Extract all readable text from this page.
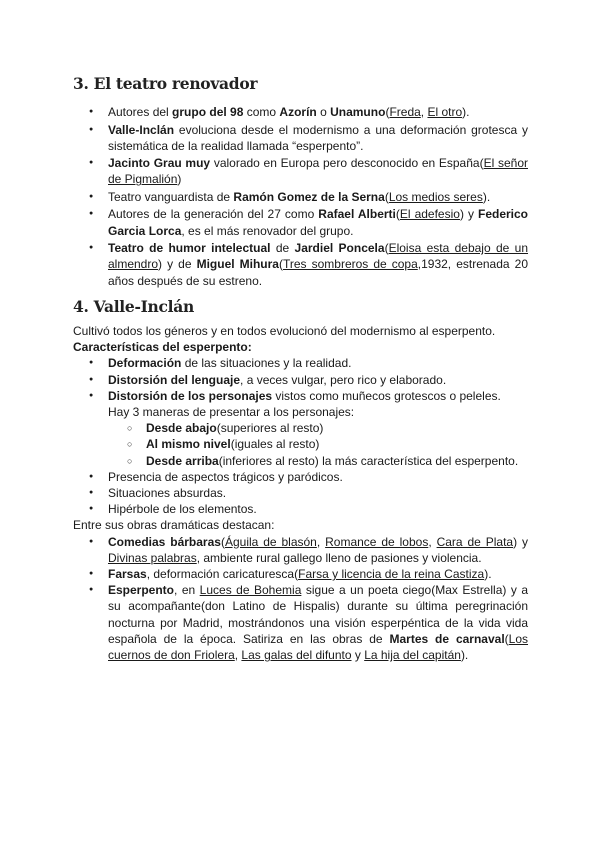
3. El teatro renovador
● Autores del grupo del 98 como Azorín o Unamuno(Freda, El otro).
● Valle-Inclán evoluciona desde el modernismo a una deformación grotesca y sistemática de la realidad llamada “esperpento”.
● Jacinto Grau muy valorado en Europa pero desconocido en España(El señor de Pigmalión)
● Teatro vanguardista de Ramón Gomez de la Serna(Los medios seres).
● Autores de la generación del 27 como Rafael Alberti(El adefesio) y Federico Garcia Lorca, es el más renovador del grupo.
● Teatro de humor intelectual de Jardiel Poncela(Eloisa esta debajo de un almendro) y de Miguel Mihura(Tres sombreros de copa,1932, estrenada 20 años después de su estreno.
4. Valle-Inclán

Cultivó todos los géneros y en todos evolucionó del modernismo al esperpento.

Características del esperpento:

● Deformación de las situaciones y la realidad.
● Distorsión del lenguaje, a veces vulgar, pero rico y elaborado.
● Distorsión de los personajes vistos como muñecos grotescos o peleles.
Hay 3 maneras de presentar a los personajes:
○ Desde abajo(superiores al resto)
○ Al mismo nivel(iguales al resto)
○ Desde arriba(inferiores al resto) la más característica del esperpento.
● Presencia de aspectos trágicos y paródicos.
● Situaciones absurdas.
● Hipérbole de los elementos.

Entre sus obras dramáticas destacan:

● Comedias bárbaras(Águila de blasón, Romance de lobos, Cara de Plata) y Divinas palabras, ambiente rural gallego lleno de pasiones y violencia.
● Farsas, deformación caricaturesca(Farsa y licencia de la reina Castiza).
● Esperpento, en Luces de Bohemia sigue a un poeta ciego(Max Estrella) y a su acompañante(don Latino de Hispalis) durante su última peregrinación nocturna por Madrid, mostrándonos una visión esperpéntica de la vida vida española de la época. Satiriza en las obras de Martes de carnaval(Los cuernos de don Friolera, Las galas del difunto y La hija del capitán).
